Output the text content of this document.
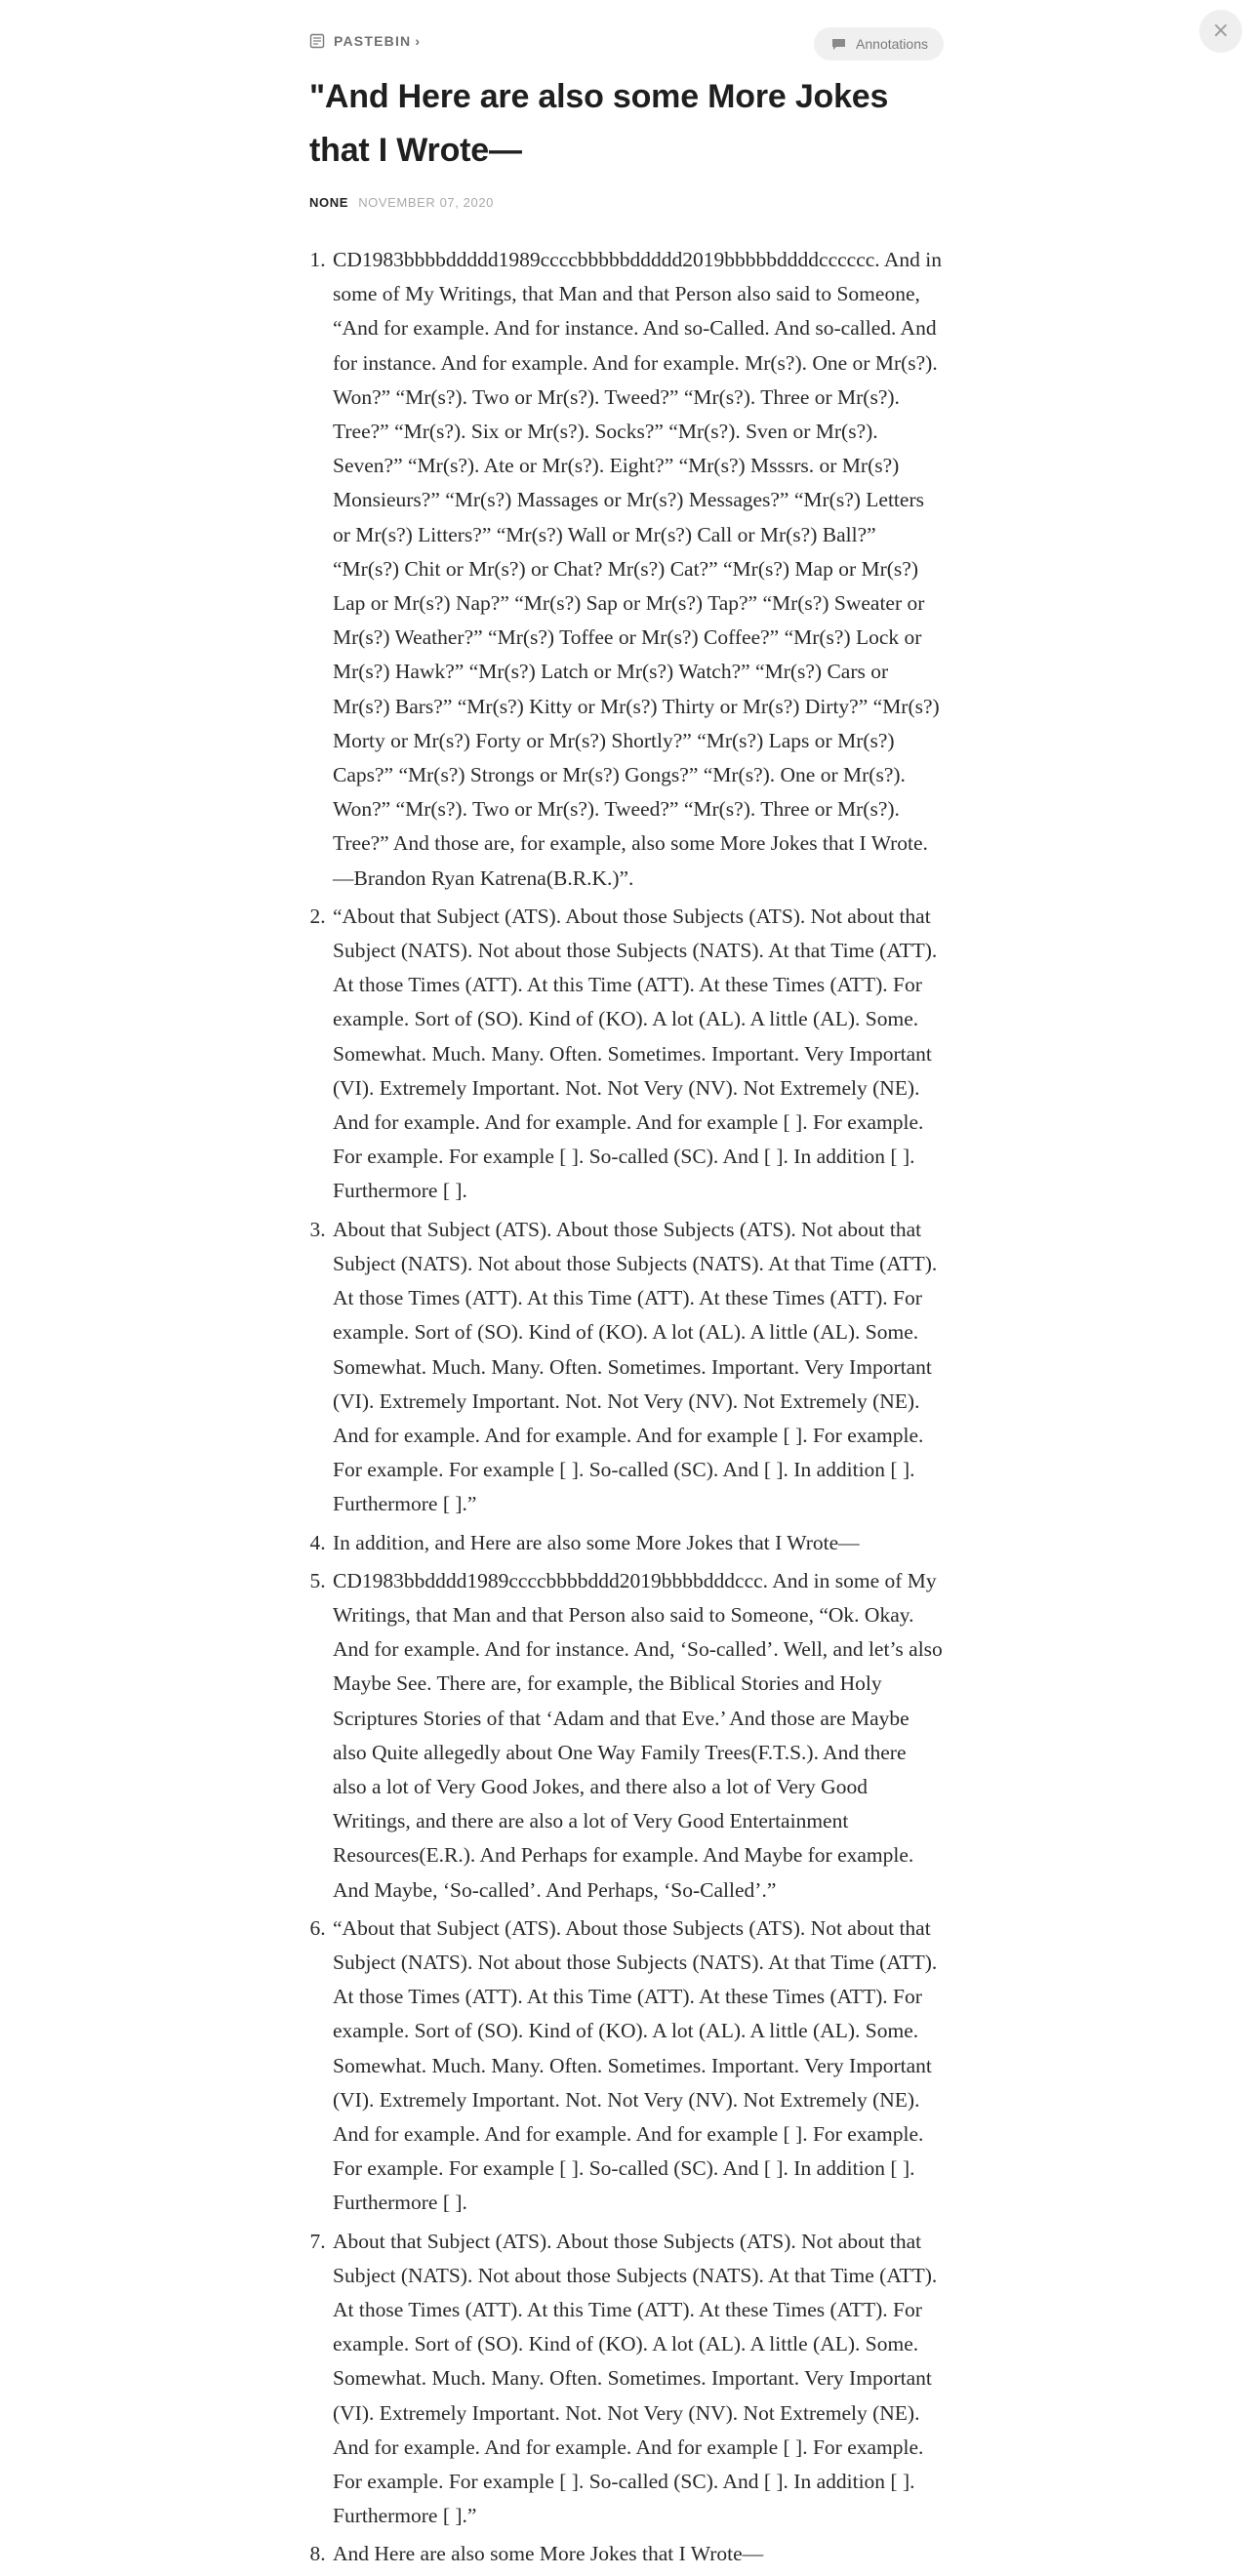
×
PASTEBIN ›	Annotations
"And Here are also some More Jokes that I Wrote—
NONE NOVEMBER 07, 2020
1. CD1983bbbbddddd1989ccccbbbbbddddd2019bbbbbddddcccccc. And in some of My Writings, that Man and that Person also said to Someone, “And for example. And for instance. And so-Called. And so-called. And for instance. And for example. And for example. Mr(s?). One or Mr(s?). Won?” “Mr(s?). Two or Mr(s?). Tweed?” “Mr(s?). Three or Mr(s?). Tree?” “Mr(s?). Six or Mr(s?). Socks?” “Mr(s?). Sven or Mr(s?). Seven?” “Mr(s?). Ate or Mr(s?). Eight?” “Mr(s?) Msssrs. or Mr(s?) Monsieurs?” “Mr(s?) Massages or Mr(s?) Messages?” “Mr(s?) Letters or Mr(s?) Litters?” “Mr(s?) Wall or Mr(s?) Call or Mr(s?) Ball?” “Mr(s?) Chit or Mr(s?) or Chat? Mr(s?) Cat?” “Mr(s?) Map or Mr(s?) Lap or Mr(s?) Nap?” “Mr(s?) Sap or Mr(s?) Tap?” “Mr(s?) Sweater or Mr(s?) Weather?” “Mr(s?) Toffee or Mr(s?) Coffee?” “Mr(s?) Lock or Mr(s?) Hawk?” “Mr(s?) Latch or Mr(s?) Watch?” “Mr(s?) Cars or Mr(s?) Bars?” “Mr(s?) Kitty or Mr(s?) Thirty or Mr(s?) Dirty?” “Mr(s?) Morty or Mr(s?) Forty or Mr(s?) Shortly?” “Mr(s?) Laps or Mr(s?) Caps?” “Mr(s?) Strongs or Mr(s?) Gongs?” “Mr(s?). One or Mr(s?). Won?” “Mr(s?). Two or Mr(s?). Tweed?” “Mr(s?). Three or Mr(s?). Tree?” And those are, for example, also some More Jokes that I Wrote.—Brandon Ryan Katrena(B.R.K.)”.
2. “About that Subject (ATS). About those Subjects (ATS). Not about that Subject (NATS). Not about those Subjects (NATS). At that Time (ATT). At those Times (ATT). At this Time (ATT). At these Times (ATT). For example. Sort of (SO). Kind of (KO). A lot (AL). A little (AL). Some. Somewhat. Much. Many. Often. Sometimes. Important. Very Important (VI). Extremely Important. Not. Not Very (NV). Not Extremely (NE). And for example. And for example. And for example [ ]. For example. For example. For example [ ]. So-called (SC). And [ ]. In addition [ ]. Furthermore [ ].
3. About that Subject (ATS). About those Subjects (ATS). Not about that Subject (NATS). Not about those Subjects (NATS). At that Time (ATT). At those Times (ATT). At this Time (ATT). At these Times (ATT). For example. Sort of (SO). Kind of (KO). A lot (AL). A little (AL). Some. Somewhat. Much. Many. Often. Sometimes. Important. Very Important (VI). Extremely Important. Not. Not Very (NV). Not Extremely (NE). And for example. And for example. And for example [ ]. For example. For example. For example [ ]. So-called (SC). And [ ]. In addition [ ]. Furthermore [ ].”
4. In addition, and Here are also some More Jokes that I Wrote—
5. CD1983bbdddd1989ccccbbbbddd2019bbbbdddccc. And in some of My Writings, that Man and that Person also said to Someone, “Ok. Okay. And for example. And for instance. And, ‘So-called’. Well, and let’s also Maybe See. There are, for example, the Biblical Stories and Holy Scriptures Stories of that ‘Adam and that Eve.’ And those are Maybe also Quite allegedly about One Way Family Trees(F.T.S.). And there also a lot of Very Good Jokes, and there also a lot of Very Good Writings, and there are also a lot of Very Good Entertainment Resources(E.R.). And Perhaps for example. And Maybe for example. And Maybe, ‘So-called’. And Perhaps, ‘So-Called’.”
6. “About that Subject (ATS). About those Subjects (ATS). Not about that Subject (NATS). Not about those Subjects (NATS). At that Time (ATT). At those Times (ATT). At this Time (ATT). At these Times (ATT). For example. Sort of (SO). Kind of (KO). A lot (AL). A little (AL). Some. Somewhat. Much. Many. Often. Sometimes. Important. Very Important (VI). Extremely Important. Not. Not Very (NV). Not Extremely (NE). And for example. And for example. And for example [ ]. For example. For example. For example [ ]. So-called (SC). And [ ]. In addition [ ]. Furthermore [ ].
7. About that Subject (ATS). About those Subjects (ATS). Not about that Subject (NATS). Not about those Subjects (NATS). At that Time (ATT). At those Times (ATT). At this Time (ATT). At these Times (ATT). For example. Sort of (SO). Kind of (KO). A lot (AL). A little (AL). Some. Somewhat. Much. Many. Often. Sometimes. Important. Very Important (VI). Extremely Important. Not. Not Very (NV). Not Extremely (NE). And for example. And for example. And for example [ ]. For example. For example. For example [ ]. So-called (SC). And [ ]. In addition [ ]. Furthermore [ ].”
8. And Here are also some More Jokes that I Wrote—
